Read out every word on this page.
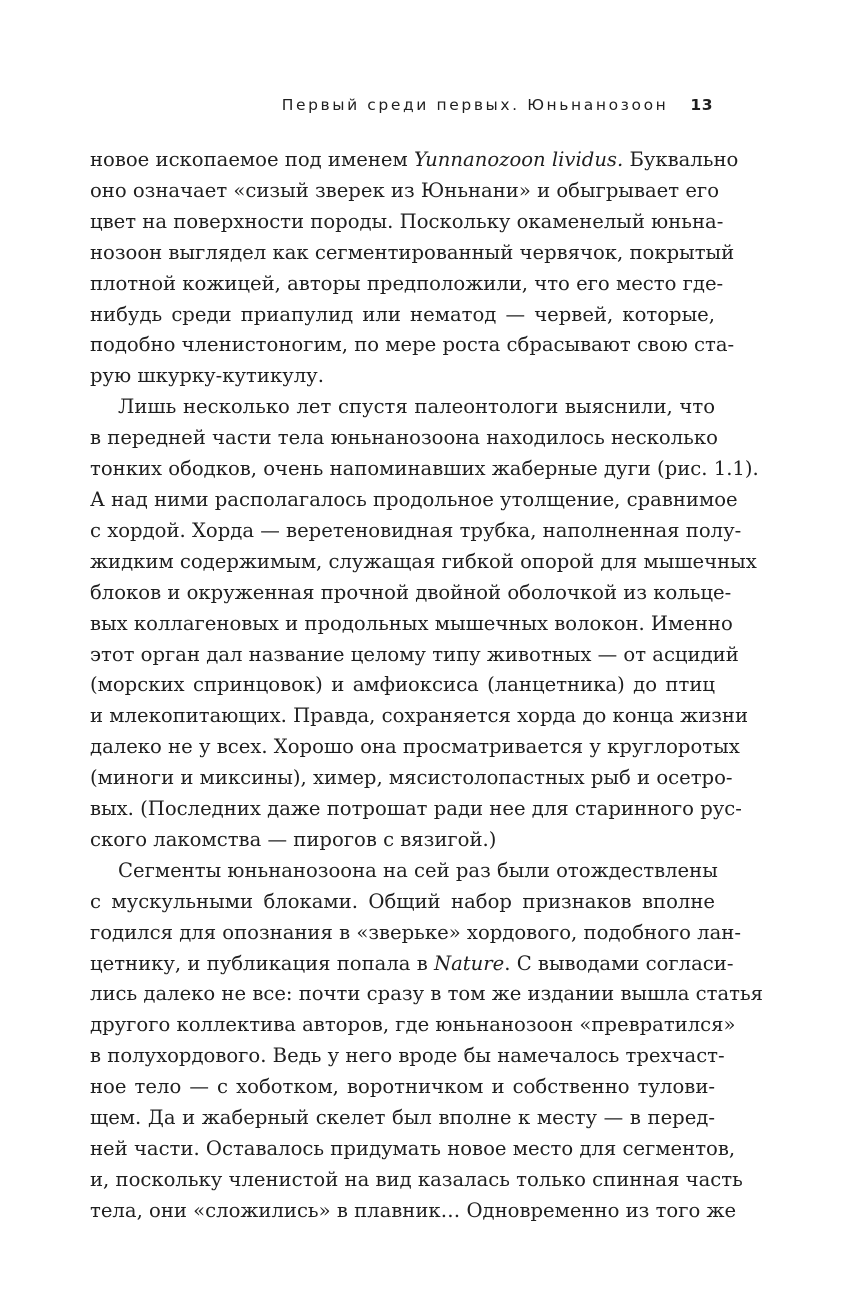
Первый среди первых. Юньнанозоон 13

новое ископаемое под именем Yunnanozoon lividus. Буквально
оно означает «сизый зверек из Юньнани» и обыгрывает его
цвет на поверхности породы. Поскольку окаменелый юньна-
нозоон выглядел как сегментированный червячок, покрытый
плотной кожицей, авторы предположили, что его место где-
нибудь среди приапулид или нематод — червей, которые,
подобно членистоногим, по мере роста сбрасывают свою ста-
рую шкурку-кутикулу.

Лишь несколько лет спустя палеонтологи выяснили, что
в передней части тела юньнанозоона находилось несколько
тонких ободков, очень напоминавших жаберные дуги (рис. 1.1).
А над ними располагалось продольное утолщение, сравнимое
с хордой. Хорда — веретеновидная трубка, наполненная полу-
жидким содержимым, служащая гибкой опорой для мышечных
блоков и окруженная прочной двойной оболочкой из кольце-
вых коллагеновых и продольных мышечных волокон. Именно
этот орган дал название целому типу животных — от асцидий
(морских спринцовок) и амфиоксиса (ланцетника) до птиц
и млекопитающих. Правда, сохраняется хорда до конца жизни
далеко не у всех. Хорошо она просматривается у круглоротых
(миноги и миксины), химер, мясистолопастных рыб и осетро-
вых. (Последних даже потрошат ради нее для старинного рус-
ского лакомства — пирогов с вязигой.)

Сегменты юньнанозоона на сей раз были отождествлены
с мускульными блоками. Общий набор признаков вполне
годился для опознания в «зверьке» хордового, подобного лан-
цетнику, и публикация попала в Nature. С выводами согласи-
лись далеко не все: почти сразу в том же издании вышла статья
другого коллектива авторов, где юньнанозоон «превратился»
в полухордового. Ведь у него вроде бы намечалось трехчаст-
ное тело — с хоботком, воротничком и собственно тулови-
щем. Да и жаберный скелет был вполне к месту — в перед-
ней части. Оставалось придумать новое место для сегментов,
и, поскольку членистой на вид казалась только спинная часть
тела, они «сложились» в плавник… Одновременно из того же
